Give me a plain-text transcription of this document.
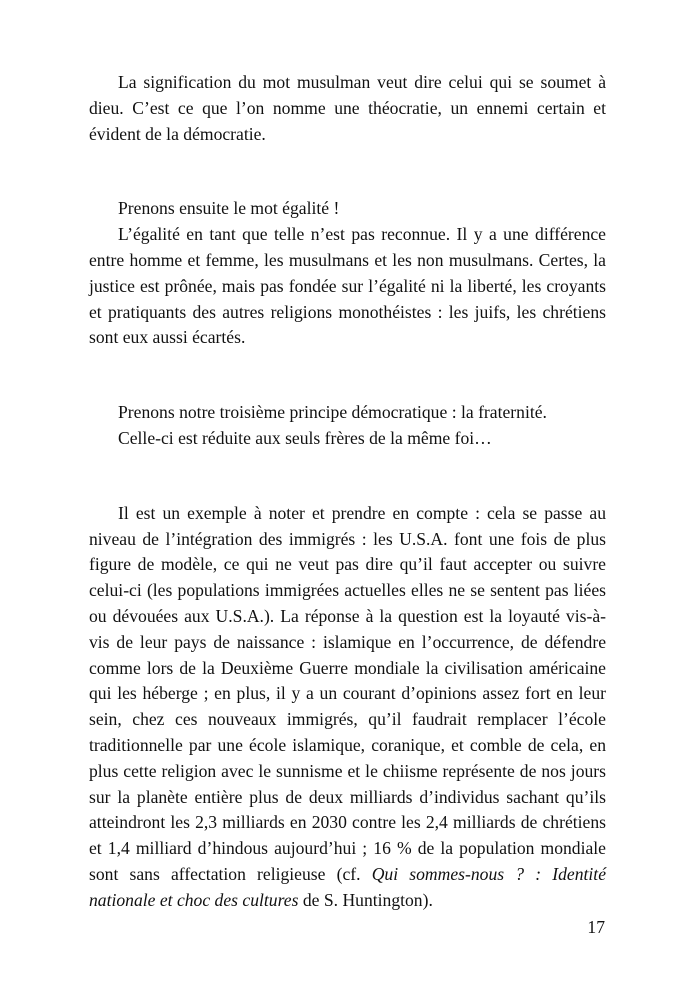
La signification du mot musulman veut dire celui qui se soumet à dieu. C’est ce que l’on nomme une théocratie, un ennemi certain et évident de la démocratie.

Prenons ensuite le mot égalité !

L’égalité en tant que telle n’est pas reconnue. Il y a une différence entre homme et femme, les musulmans et les non musulmans. Certes, la justice est prônée, mais pas fondée sur l’égalité ni la liberté, les croyants et pratiquants des autres religions monothéistes : les juifs, les chrétiens sont eux aussi écartés.

Prenons notre troisième principe démocratique : la fraternité.

Celle-ci est réduite aux seuls frères de la même foi…

Il est un exemple à noter et prendre en compte : cela se passe au niveau de l’intégration des immigrés : les U.S.A. font une fois de plus figure de modèle, ce qui ne veut pas dire qu’il faut accepter ou suivre celui-ci (les populations immigrées actuelles elles ne se sentent pas liées ou dévouées aux U.S.A.). La réponse à la question est la loyauté vis-à-vis de leur pays de naissance : islamique en l’occurrence, de défendre comme lors de la Deuxième Guerre mondiale la civilisation américaine qui les héberge ; en plus, il y a un courant d’opinions assez fort en leur sein, chez ces nouveaux immigrés, qu’il faudrait remplacer l’école traditionnelle par une école islamique, coranique, et comble de cela, en plus cette religion avec le sunnisme et le chiisme représente de nos jours sur la planète entière plus de deux milliards d’individus sachant qu’ils atteindront les 2,3 milliards en 2030 contre les 2,4 milliards de chrétiens et 1,4 milliard d’hindous aujourd’hui ; 16 % de la population mondiale sont sans affectation religieuse (cf. Qui sommes-nous ? : Identité nationale et choc des cultures de S. Huntington).

17
